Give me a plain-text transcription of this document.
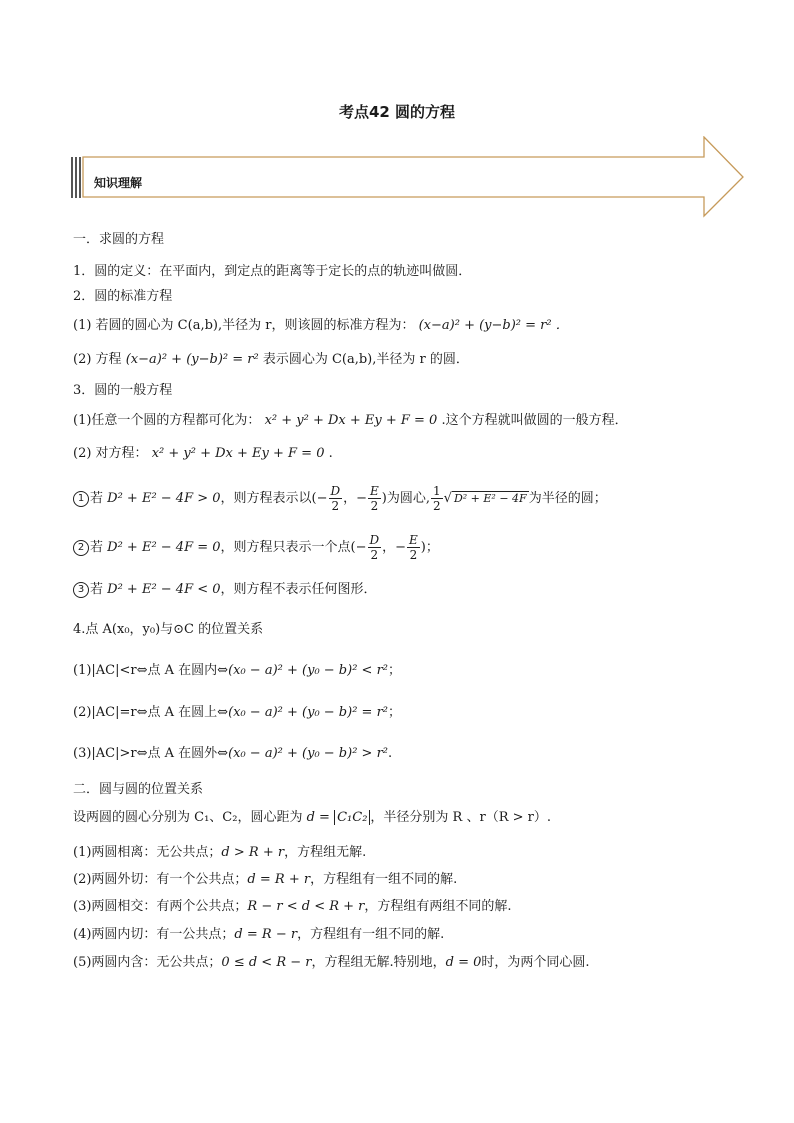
考点42 圆的方程
知识理解
一．求圆的方程
1．圆的定义：在平面内，到定点的距离等于定长的点的轨迹叫做圆．
2．圆的标准方程
(1) 若圆的圆心为 C(a,b),半径为 r，则该圆的标准方程为： (x−a)² + (y−b)² = r² ．
(2) 方程 (x−a)² + (y−b)² = r² 表示圆心为 C(a,b),半径为 r 的圆．
3．圆的一般方程
(1)任意一个圆的方程都可化为： x² + y² + Dx + Ey + F = 0 .这个方程就叫做圆的一般方程．
(2) 对方程： x² + y² + Dx + Ey + F = 0 .
1 若 D² + E² − 4F > 0，则方程表示以(− $\frac{D}{2}$ ，− $\frac{E}{2}$ )为圆心, $\frac{1}{2}$ √ D² + E² − 4F 为半径的圆；
2 若 D² + E² − 4F = 0，则方程只表示一个点(− $\frac{D}{2}$ ，− $\frac{E}{2}$ )；
3 若 D² + E² − 4F < 0，则方程不表示任何图形．
4.点 A(x₀，y₀)与⊙C 的位置关系
(1)|AC|<r⇔点 A 在圆内⇔(x₀ − a)² + (y₀ − b)² < r²；
(2)|AC|=r⇔点 A 在圆上⇔(x₀ − a)² + (y₀ − b)² = r²；
(3)|AC|>r⇔点 A 在圆外⇔(x₀ − a)² + (y₀ − b)² > r².
二．圆与圆的位置关系
设两圆的圆心分别为 C₁、C₂，圆心距为 d = C₁C₂ ，半径分别为 R 、r（R > r）.
(1)两圆相离：无公共点；d > R + r，方程组无解.
(2)两圆外切：有一个公共点；d = R + r，方程组有一组不同的解.
(3)两圆相交：有两个公共点；R − r < d < R + r，方程组有两组不同的解.
(4)两圆内切：有一公共点；d = R − r，方程组有一组不同的解.
(5)两圆内含：无公共点；0 ≤ d < R − r，方程组无解.特别地，d = 0时，为两个同心圆.
